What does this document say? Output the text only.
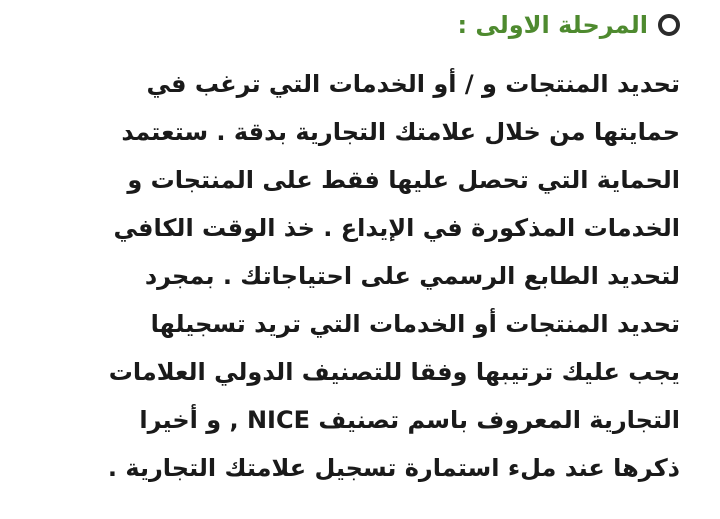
المرحلة الاولى :
تحديد المنتجات و / أو الخدمات التي ترغب في
حمايتها من خلال علامتك التجارية بدقة . ستعتمد
الحماية التي تحصل عليها فقط على المنتجات و
الخدمات المذكورة في الإيداع . خذ الوقت الكافي
لتحديد الطابع الرسمي على احتياجاتك . بمجرد
تحديد المنتجات أو الخدمات التي تريد تسجيلها
يجب عليك ترتيبها وفقا للتصنيف الدولي العلامات
التجارية المعروف باسم تصنيف NICE , و أخيرا
ذكرها عند ملء استمارة تسجيل علامتك التجارية .
